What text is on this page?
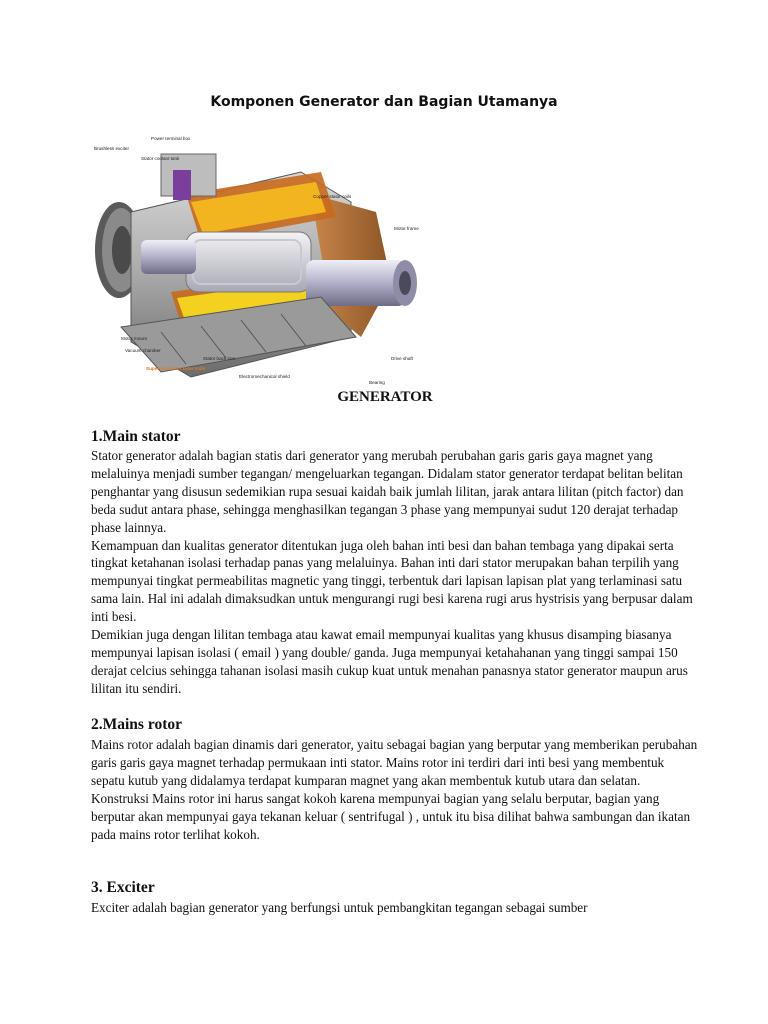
Komponen Generator dan Bagian Utamanya
Brushless exciter
Power terminal box
Stator coolant tank
Copper stator coils
Motor frame
Motor mount
Vacuum chamber
Superconductor rotor coils
Stator back iron
Electromechanical shield
Drive shaft
Bearing
GENERATOR
1.Main stator

Stator generator adalah bagian statis dari generator yang merubah perubahan garis garis gaya magnet yang melaluinya menjadi sumber tegangan/ mengeluarkan tegangan. Didalam stator generator terdapat belitan belitan penghantar yang disusun sedemikian rupa sesuai kaidah baik jumlah lilitan, jarak antara lilitan (pitch factor) dan beda sudut antara phase, sehingga menghasilkan tegangan 3 phase yang mempunyai sudut 120 derajat terhadap phase lainnya.

Kemampuan dan kualitas generator ditentukan juga oleh bahan inti besi dan bahan tembaga yang dipakai serta tingkat ketahanan isolasi terhadap panas yang melaluinya. Bahan inti dari stator merupakan bahan terpilih yang mempunyai tingkat permeabilitas magnetic yang tinggi, terbentuk dari lapisan lapisan plat yang terlaminasi satu sama lain. Hal ini adalah dimaksudkan untuk mengurangi rugi besi karena rugi arus hystrisis yang berpusar dalam inti besi.

Demikian juga dengan lilitan tembaga atau kawat email mempunyai kualitas yang khusus disamping biasanya mempunyai lapisan isolasi ( email ) yang double/ ganda. Juga mempunyai ketahahanan yang tinggi sampai 150 derajat celcius sehingga tahanan isolasi masih cukup kuat untuk menahan panasnya stator generator maupun arus lilitan itu sendiri.

2.Mains rotor

Mains rotor adalah bagian dinamis dari generator, yaitu sebagai bagian yang berputar yang memberikan perubahan garis garis gaya magnet terhadap permukaan inti stator. Mains rotor ini terdiri dari inti besi yang membentuk sepatu kutub yang didalamya terdapat kumparan magnet yang akan membentuk kutub utara dan selatan.

Konstruksi Mains rotor ini harus sangat kokoh karena mempunyai bagian yang selalu berputar, bagian yang berputar akan mempunyai gaya tekanan keluar ( sentrifugal ) , untuk itu bisa dilihat bahwa sambungan dan ikatan pada mains rotor terlihat kokoh.

3. Exciter

Exciter adalah bagian generator yang berfungsi untuk pembangkitan tegangan sebagai sumber
